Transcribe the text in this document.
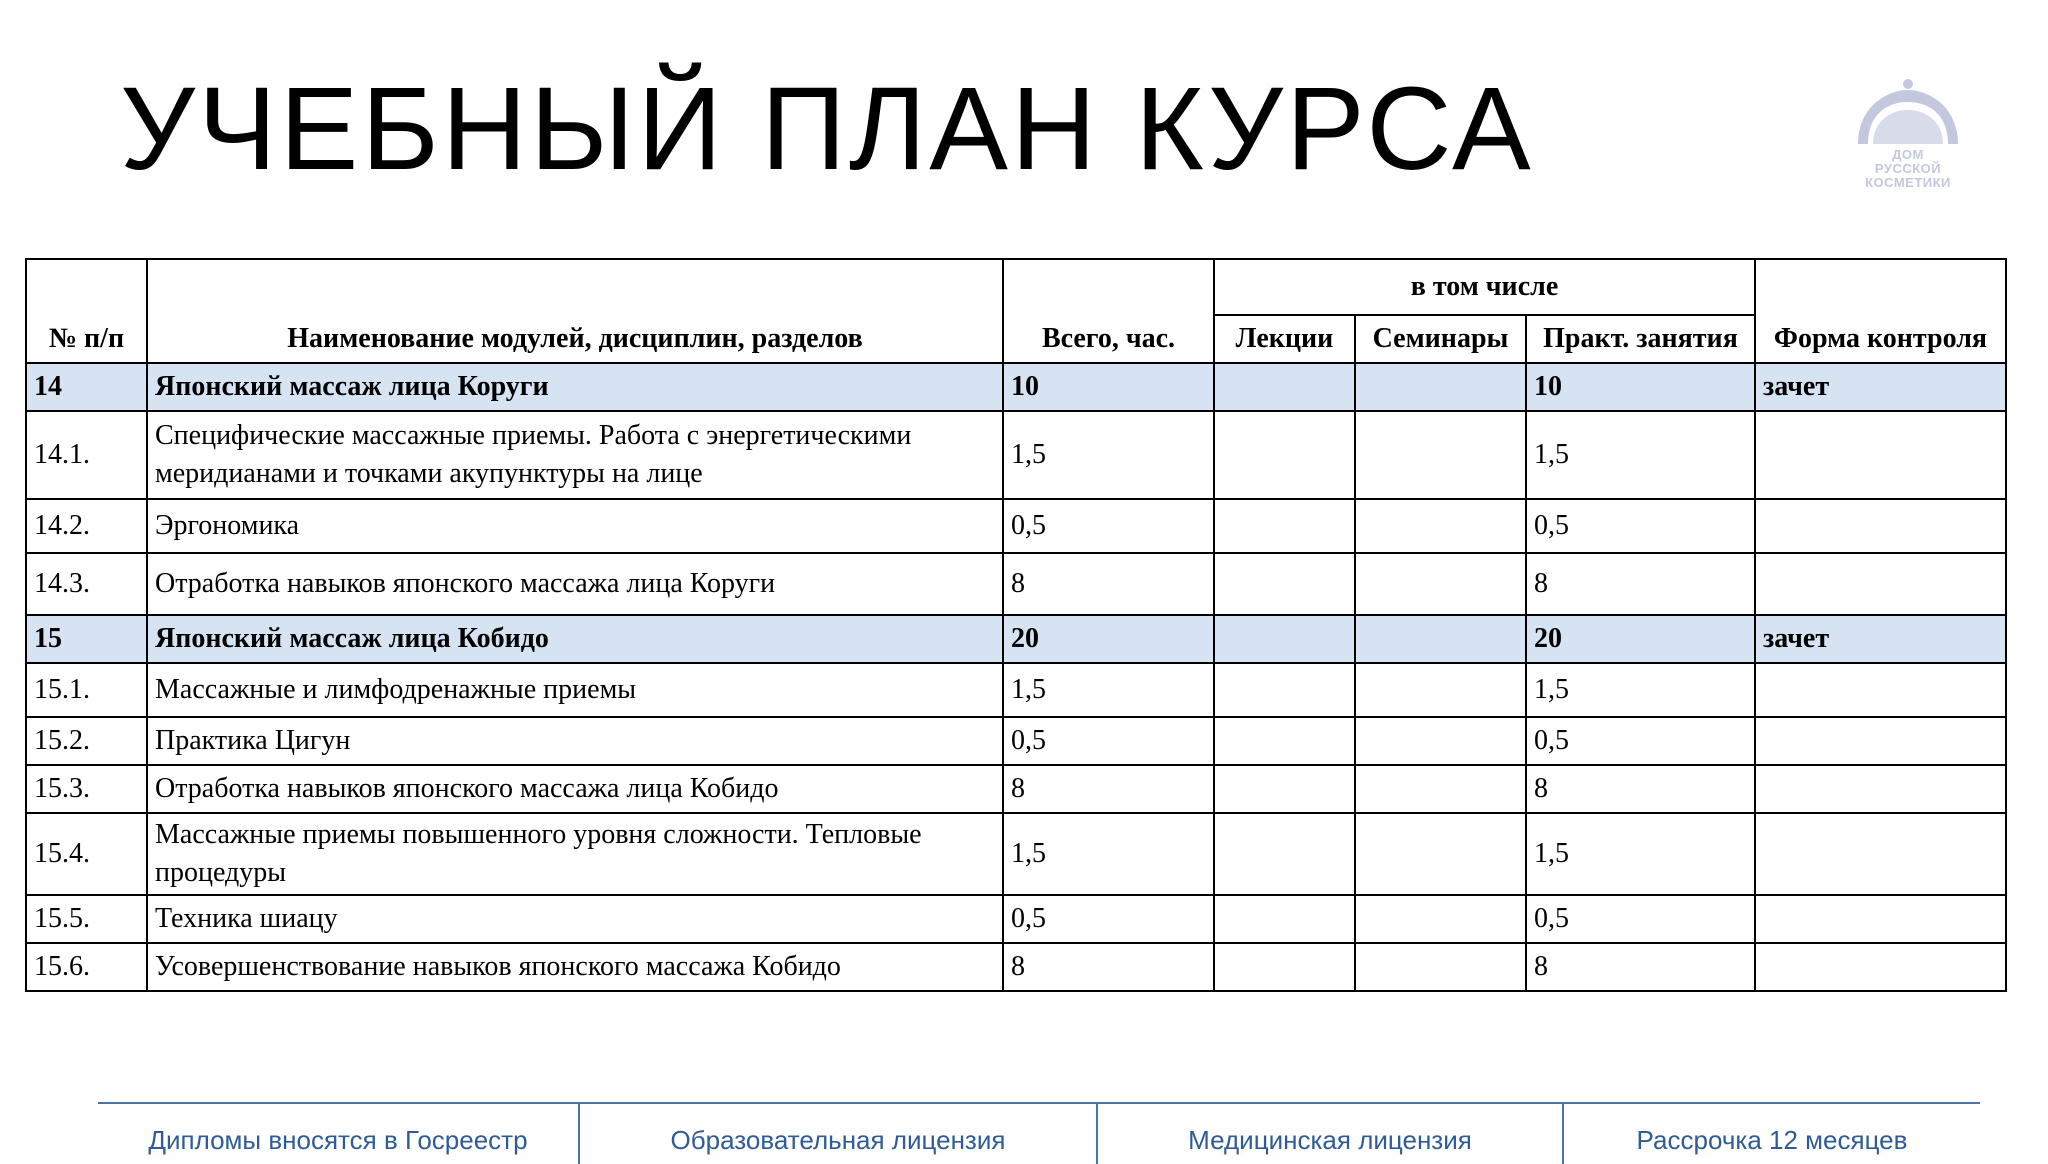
УЧЕБНЫЙ ПЛАН КУРСА	ДОМ
РУССКОЙ
КОСМЕТИКИ
№ п/п	Наименование модулей, дисциплин, разделов	Всего, час.	в том числе			Форма контроля
			Лекции	Семинары	Практ. занятия	
14	Японский массаж лица Коруги	10			10	зачет
14.1.	Специфические массажные приемы. Работа с энергетическими меридианами и точками акупунктуры на лице	1,5			1,5	
14.2.	Эргономика	0,5			0,5	
14.3.	Отработка навыков японского массажа лица Коруги	8			8	
15	Японский массаж лица Кобидо	20			20	зачет
15.1.	Массажные и лимфодренажные приемы	1,5			1,5	
15.2.	Практика Цигун	0,5			0,5	
15.3.	Отработка навыков японского массажа лица Кобидо	8			8	
15.4.	Массажные приемы повышенного уровня сложности. Тепловые процедуры	1,5			1,5	
15.5.	Техника шиацу	0,5			0,5	
15.6.	Усовершенствование навыков японского массажа Кобидо	8			8	
Дипломы вносятся в Госреестр	Образовательная лицензия	Медицинская лицензия	Рассрочка 12 месяцев
